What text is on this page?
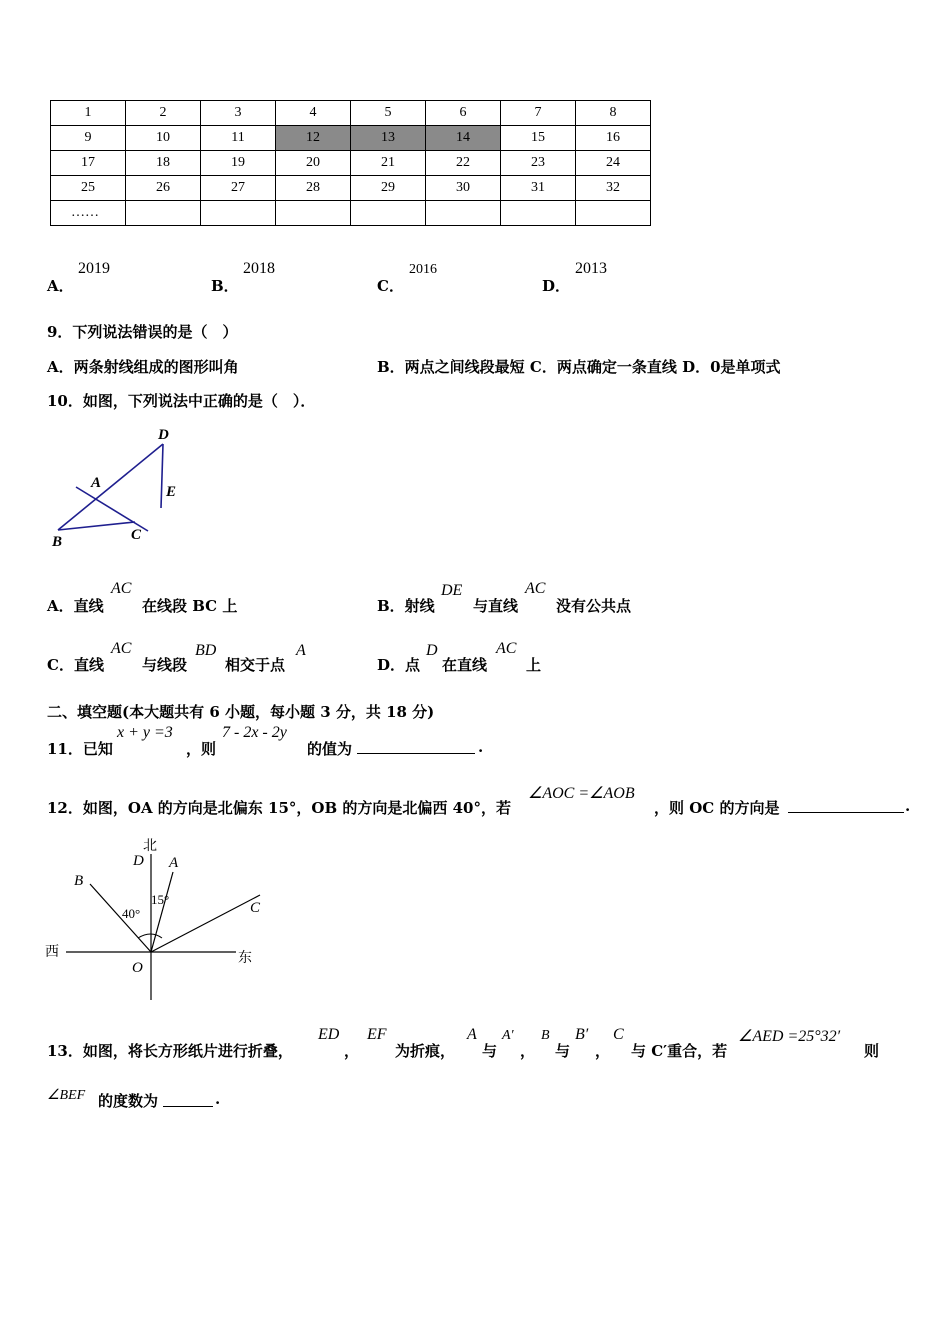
1	2	3	4	5	6	7	8
9	10	11	12	13	14	15	16
17	18	19	20	21	22	23	24
25	26	27	28	29	30	31	32
……							
A．
2019
B．
2018
C．
2016
D．
2013
9．下列说法错误的是（　）
A．两条射线组成的图形叫角	B．两点之间线段最短 C．两点确定一条直线 D．0是单项式
10．如图，下列说法中正确的是（　）．
D
A
E
B	C
A．直线
AC
在线段 BC 上	B．射线
DE
与直线
AC
没有公共点
C．直线
AC
与线段
BD
相交于点
A
D．点
D
在直线
AC
上
二、填空题(本大题共有 6 小题，每小题 3 分，共 18 分)
11．已知
x + y =3
，则
7 - 2x - 2y
的值为	.
12．如图，OA 的方向是北偏东 15°，OB 的方向是北偏西 40°，若
∠AOC =∠AOB
，则 OC 的方向是	.
北
D A
B
C
O
西	东
40°
15°
13．如图，将长方形纸片进行折叠，
ED
，
EF
为折痕，
A
与
A′
，
B
与
B′
，
C
与 C′重合，若
∠AED =25°32′
则
∠BEF 的度数为	.
